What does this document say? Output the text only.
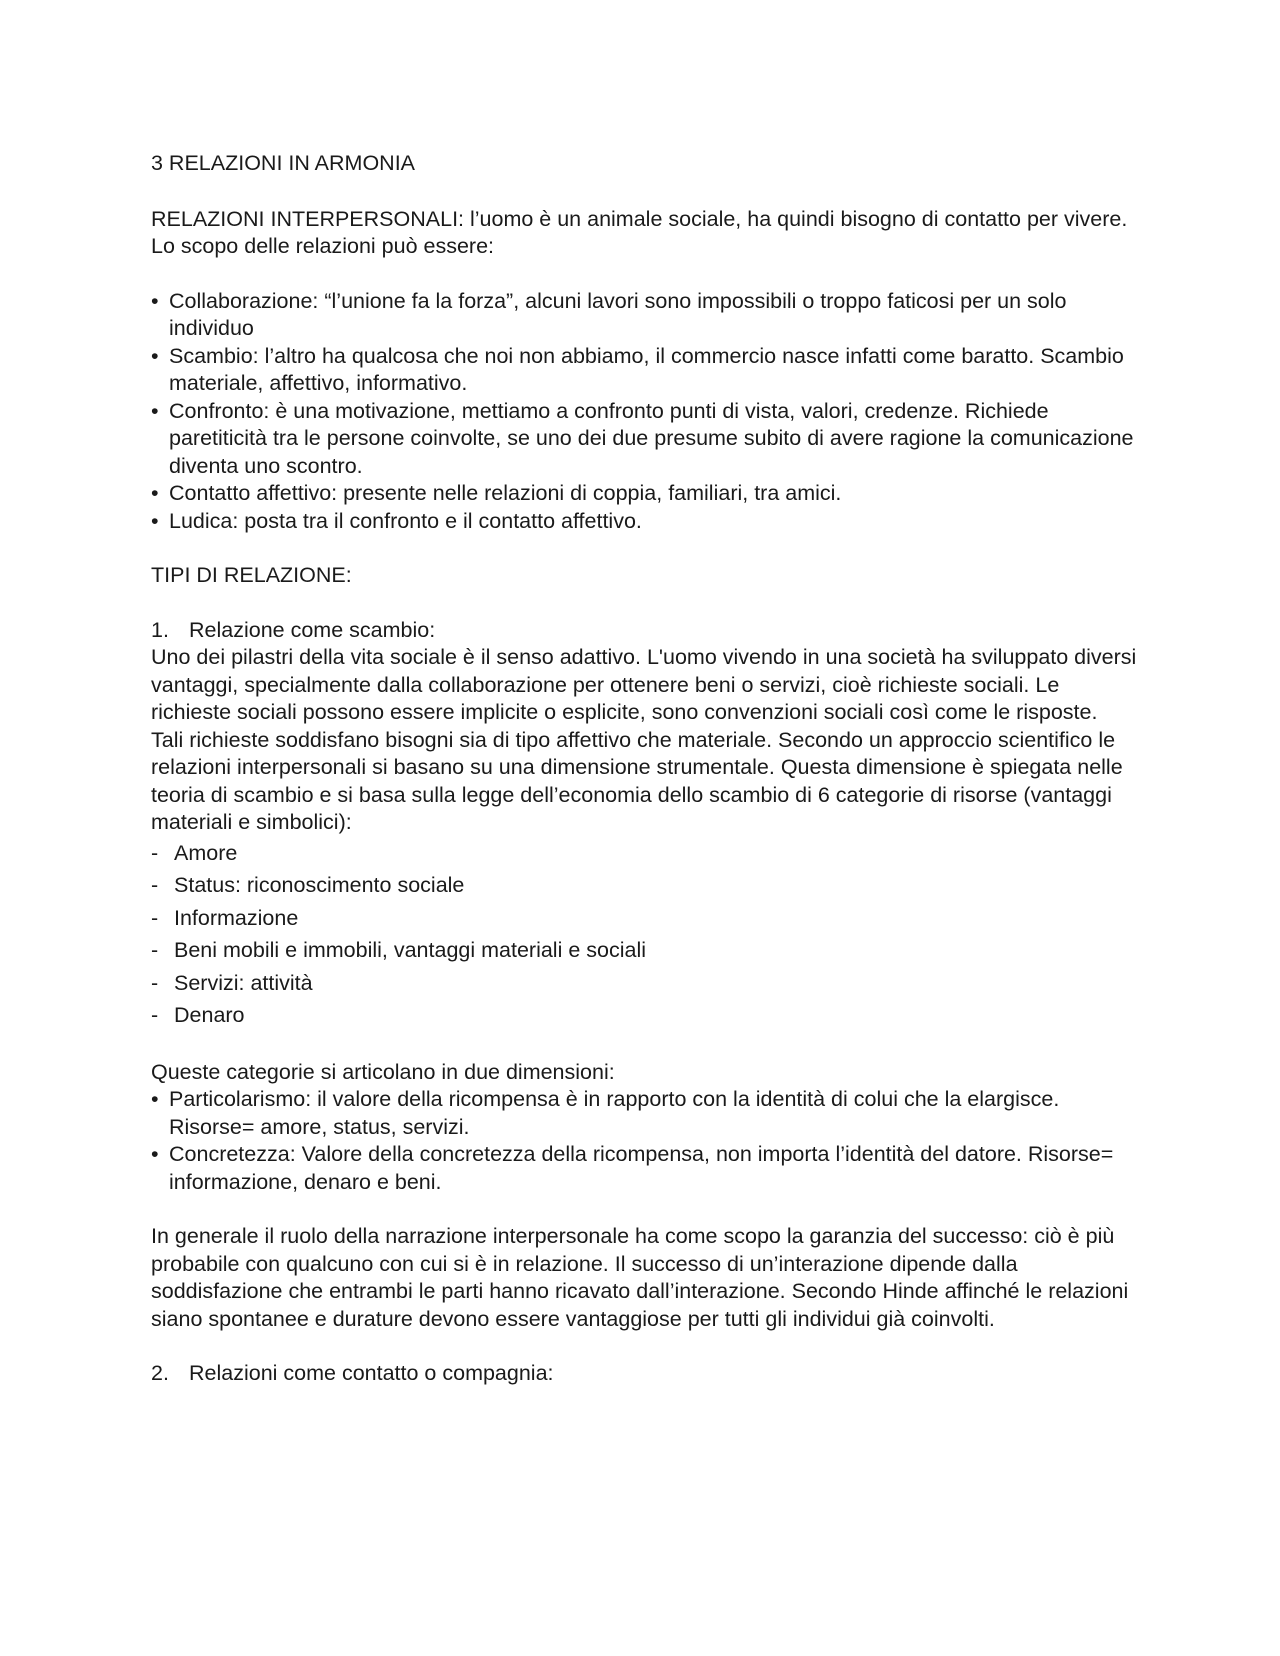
3 RELAZIONI IN ARMONIA

RELAZIONI INTERPERSONALI: l’uomo è un animale sociale, ha quindi bisogno di contatto per vivere. Lo scopo delle relazioni può essere:

• Collaborazione: “l’unione fa la forza”, alcuni lavori sono impossibili o troppo faticosi per un solo individuo
• Scambio: l’altro ha qualcosa che noi non abbiamo, il commercio nasce infatti come baratto. Scambio materiale, affettivo, informativo.
• Confronto: è una motivazione, mettiamo a confronto punti di vista, valori, credenze. Richiede paretiticità tra le persone coinvolte, se uno dei due presume subito di avere ragione la comunicazione diventa uno scontro.
• Contatto affettivo: presente nelle relazioni di coppia, familiari, tra amici.
• Ludica: posta tra il confronto e il contatto affettivo.

TIPI DI RELAZIONE:

1. Relazione come scambio:

Uno dei pilastri della vita sociale è il senso adattivo. L'uomo vivendo in una società ha sviluppato diversi vantaggi, specialmente dalla collaborazione per ottenere beni o servizi, cioè richieste sociali. Le richieste sociali possono essere implicite o esplicite, sono convenzioni sociali così come le risposte.

Tali richieste soddisfano bisogni sia di tipo affettivo che materiale. Secondo un approccio scientifico le relazioni interpersonali si basano su una dimensione strumentale. Questa dimensione è spiegata nelle teoria di scambio e si basa sulla legge dell’economia dello scambio di 6 categorie di risorse (vantaggi materiali e simbolici):

- Amore
- Status: riconoscimento sociale
- Informazione
- Beni mobili e immobili, vantaggi materiali e sociali
- Servizi: attività
- Denaro

Queste categorie si articolano in due dimensioni:

• Particolarismo: il valore della ricompensa è in rapporto con la identità di colui che la elargisce. Risorse= amore, status, servizi.
• Concretezza: Valore della concretezza della ricompensa, non importa l’identità del datore. Risorse= informazione, denaro e beni.

In generale il ruolo della narrazione interpersonale ha come scopo la garanzia del successo: ciò è più probabile con qualcuno con cui si è in relazione. Il successo di un’interazione dipende dalla soddisfazione che entrambi le parti hanno ricavato dall’interazione. Secondo Hinde affinché le relazioni siano spontanee e durature devono essere vantaggiose per tutti gli individui già coinvolti.

2. Relazioni come contatto o compagnia:
